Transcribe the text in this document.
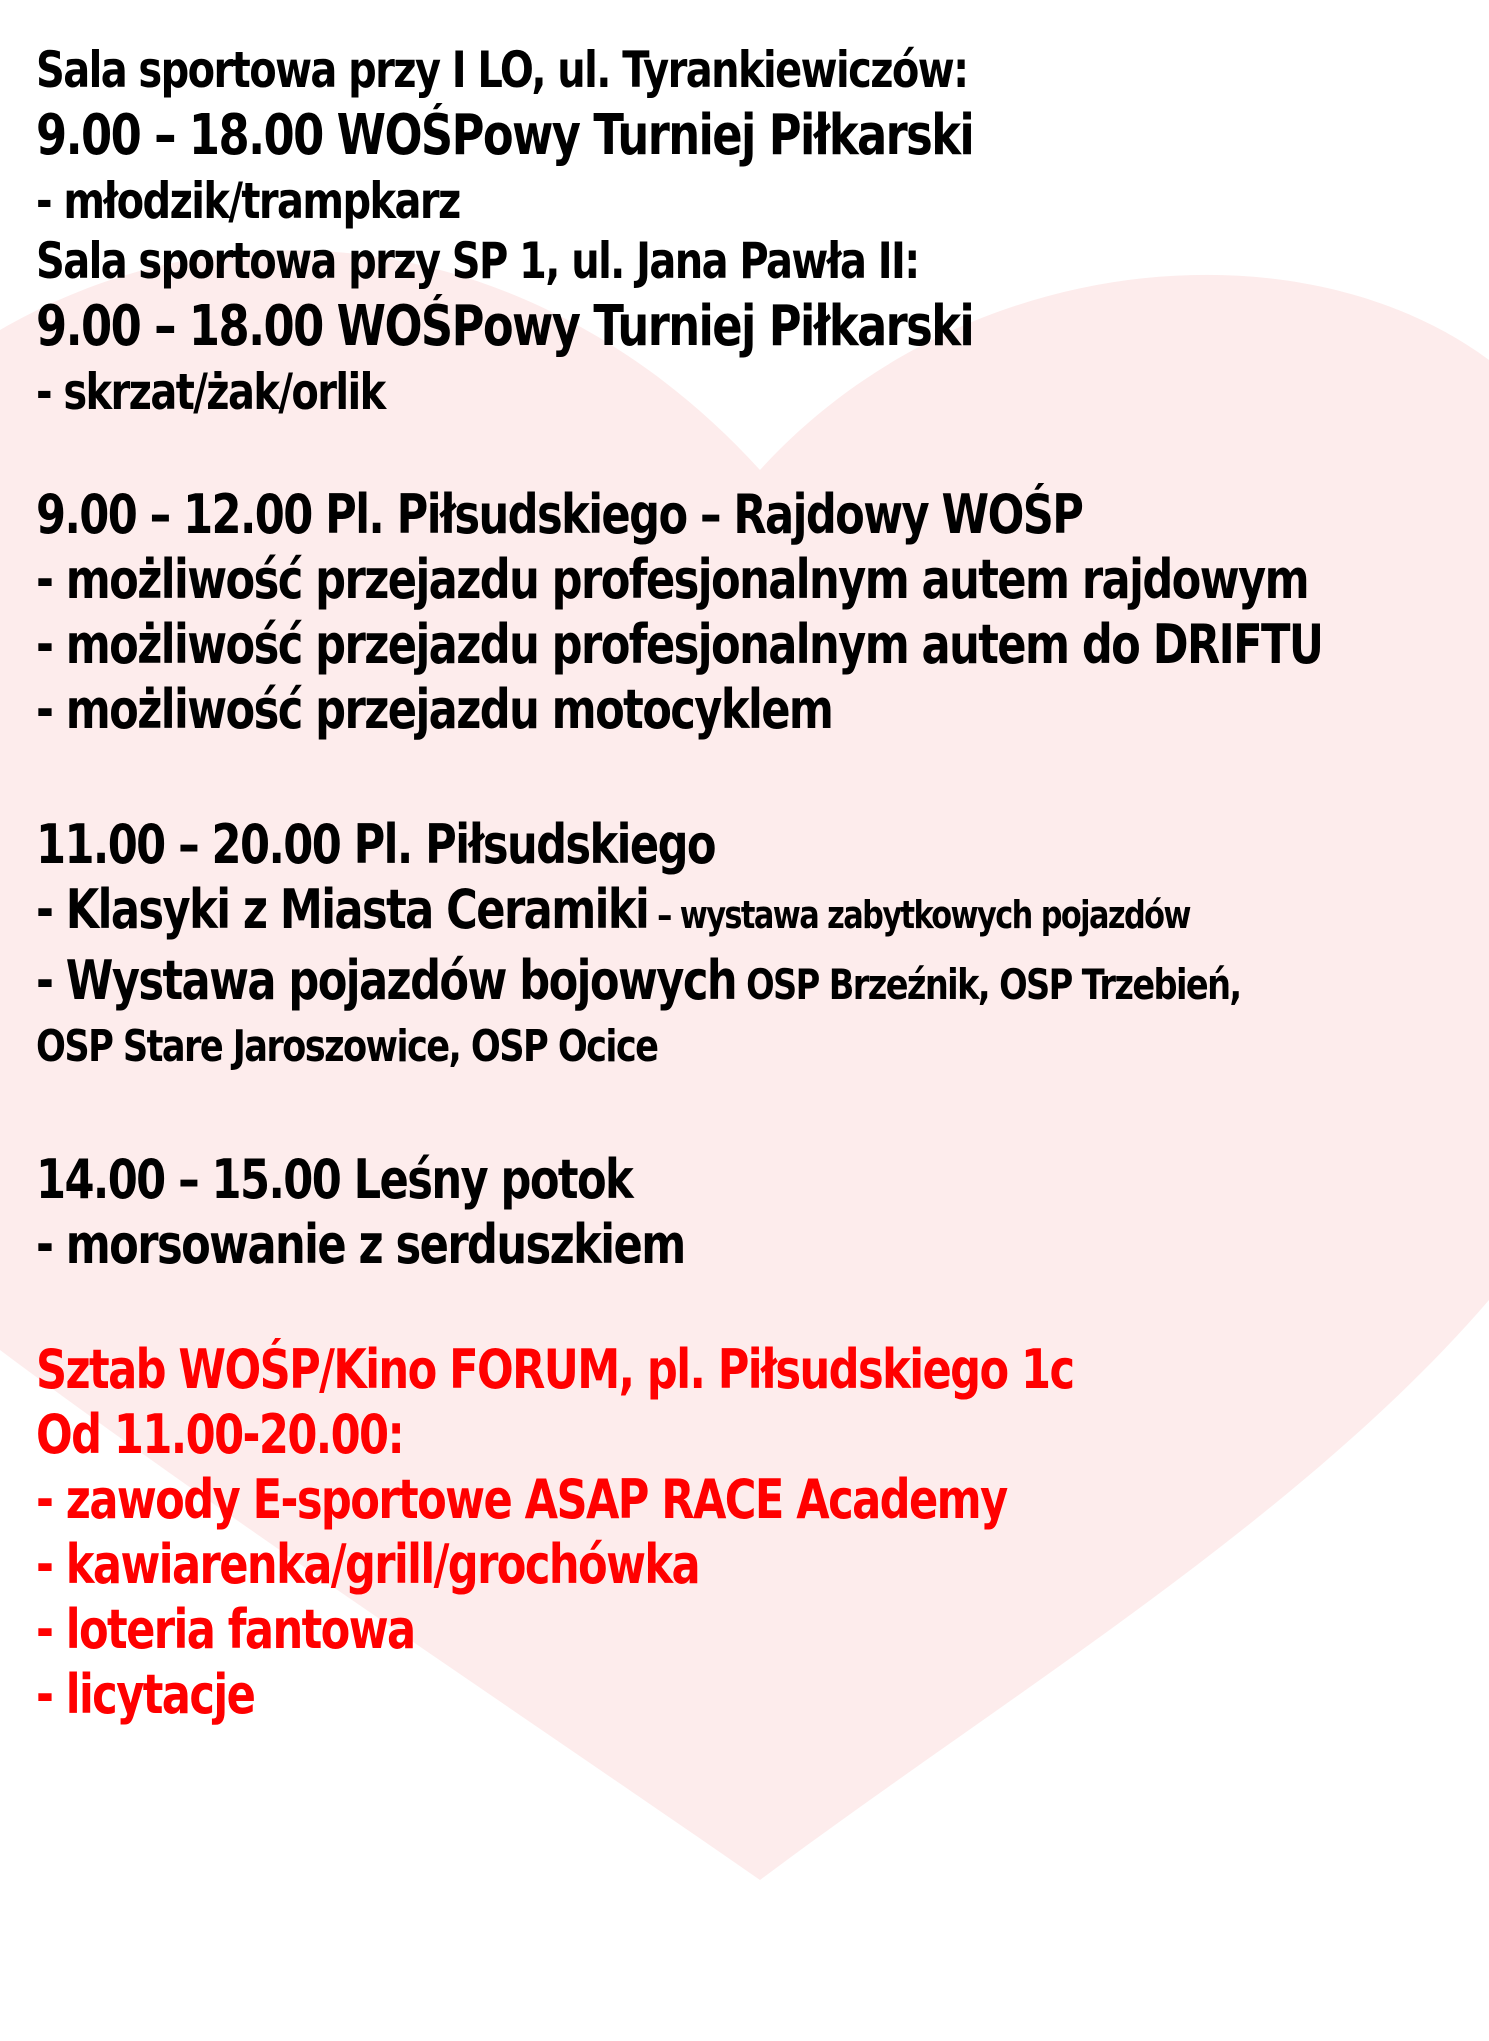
Sala sportowa przy I LO, ul. Tyrankiewiczów:
9.00 – 18.00 WOŚPowy Turniej Piłkarski
- młodzik/trampkarz
Sala sportowa przy SP 1, ul. Jana Pawła II:
9.00 – 18.00 WOŚPowy Turniej Piłkarski
- skrzat/żak/orlik
9.00 – 12.00 Pl. Piłsudskiego – Rajdowy WOŚP
- możliwość przejazdu profesjonalnym autem rajdowym
- możliwość przejazdu profesjonalnym autem do DRIFTU
- możliwość przejazdu motocyklem
11.00 – 20.00 Pl. Piłsudskiego
- Klasyki z Miasta Ceramiki – wystawa zabytkowych pojazdów
- Wystawa pojazdów bojowych OSP Brzeźnik, OSP Trzebień,
OSP Stare Jaroszowice, OSP Ocice
14.00 – 15.00 Leśny potok
- morsowanie z serduszkiem
Sztab WOŚP/Kino FORUM, pl. Piłsudskiego 1c
Od 11.00-20.00:
- zawody E-sportowe ASAP RACE Academy
- kawiarenka/grill/grochówka
- loteria fantowa
- licytacje
